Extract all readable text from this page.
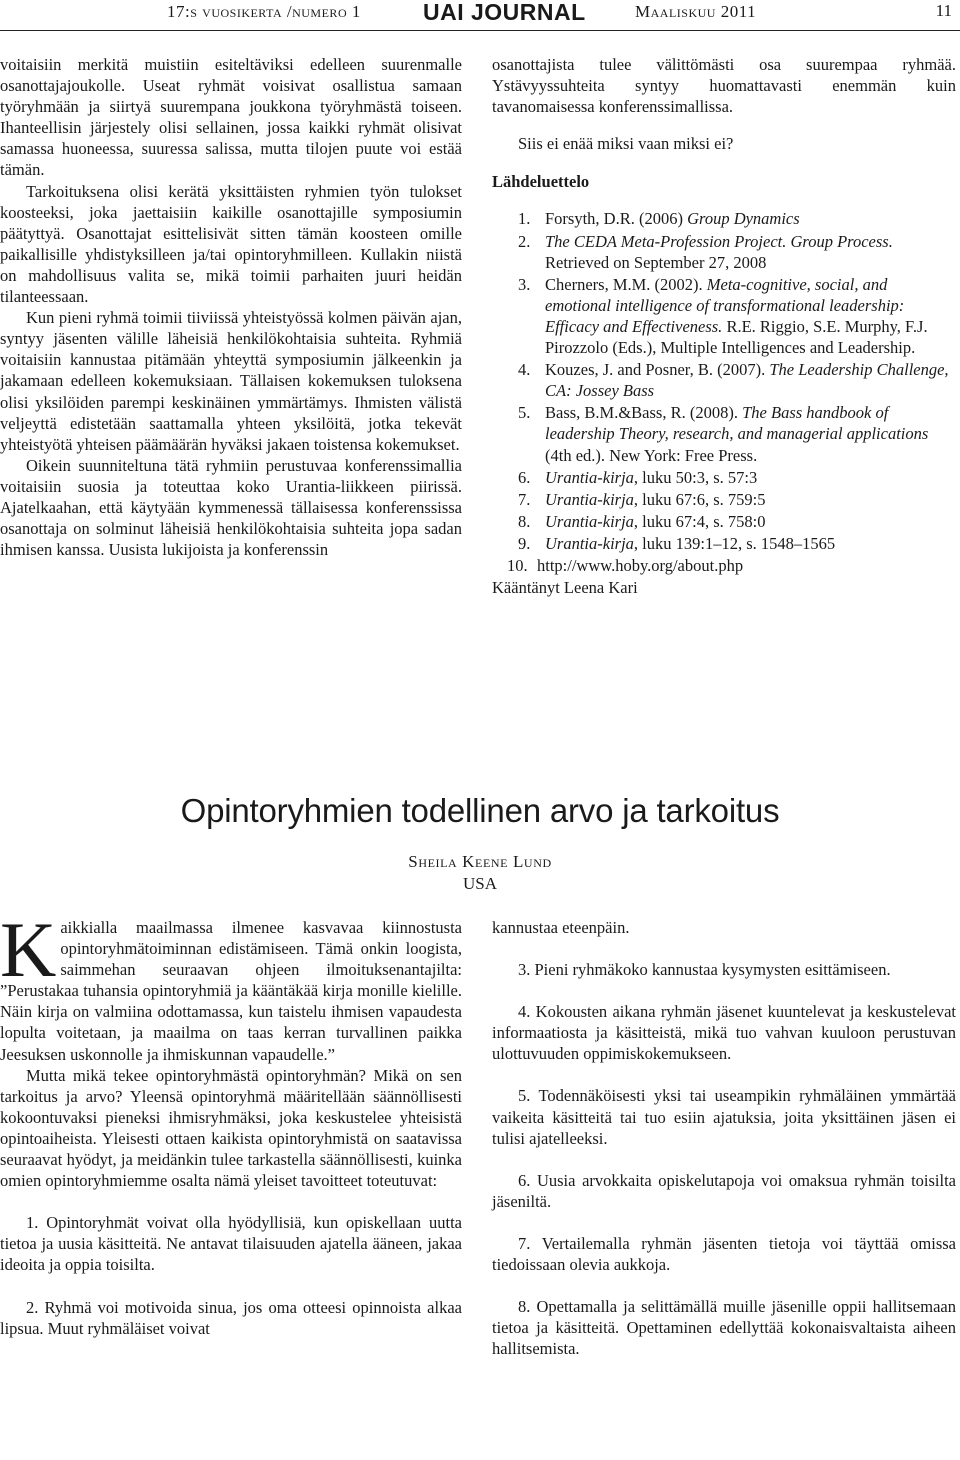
17:s vuosikerta /numero 1	UAI JOURNAL	Maaliskuu 2011	11

voitaisiin merkitä muistiin esiteltäviksi edelleen suurenmalle osanottajajoukolle. Useat ryhmät voisivat osallistua samaan työryhmään ja siirtyä suurempana joukkona työryhmästä toiseen. Ihanteellisin järjestely olisi sellainen, jossa kaikki ryhmät olisivat samassa huoneessa, suuressa salissa, mutta tilojen puute voi estää tämän.

Tarkoituksena olisi kerätä yksittäisten ryhmien työn tulokset koosteeksi, joka jaettaisiin kaikille osanottajille symposiumin päätyttyä. Osanottajat esittelisivät sitten tämän koosteen omille paikallisille yhdistyksilleen ja/tai opintoryhmilleen. Kullakin niistä on mahdollisuus valita se, mikä toimii parhaiten juuri heidän tilanteessaan.

Kun pieni ryhmä toimii tiiviissä yhteistyössä kolmen päivän ajan, syntyy jäsenten välille läheisiä henkilökohtaisia suhteita. Ryhmiä voitaisiin kannustaa pitämään yhteyttä symposiumin jälkeenkin ja jakamaan edelleen kokemuksiaan. Tällaisen kokemuksen tuloksena olisi yksilöiden parempi keskinäinen ymmärtämys. Ihmisten välistä veljeyttä edistetään saattamalla yhteen yksilöitä, jotka tekevät yhteistyötä yhteisen päämäärän hyväksi jakaen toistensa kokemukset.

Oikein suunniteltuna tätä ryhmiin perustuvaa konferenssimallia voitaisiin suosia ja toteuttaa koko Urantia-liikkeen piirissä. Ajatelkaahan, että käytyään kymmenessä tällaisessa konferenssissa osanottaja on solminut läheisiä henkilökohtaisia suhteita jopa sadan ihmisen kanssa. Uusista lukijoista ja konferenssin

osanottajista tulee välittömästi osa suurempaa ryhmää. Ystävyyssuhteita syntyy huomattavasti enemmän kuin tavanomaisessa konferenssimallissa.

Siis ei enää miksi vaan miksi ei?

Lähdeluettelo

1. Forsyth, D.R. (2006) Group Dynamics
2. The CEDA Meta-Profession Project. Group Process. Retrieved on September 27, 2008
3. Cherners, M.M. (2002). Meta-cognitive, social, and emotional intelligence of transformational leadership: Efficacy and Effectiveness. R.E. Riggio, S.E. Murphy, F.J. Pirozzolo (Eds.), Multiple Intelligences and Leadership.
4. Kouzes, J. and Posner, B. (2007). The Leadership Challenge, CA: Jossey Bass
5. Bass, B.M.&Bass, R. (2008). The Bass handbook of leadership Theory, research, and managerial applications (4th ed.). New York: Free Press.
6. Urantia-kirja, luku 50:3, s. 57:3
7. Urantia-kirja, luku 67:6, s. 759:5
8. Urantia-kirja, luku 67:4, s. 758:0
9. Urantia-kirja, luku 139:1–12, s. 1548–1565
10. http://www.hoby.org/about.php

Kääntänyt Leena Kari

Opintoryhmien todellinen arvo ja tarkoitus
Sheila Keene Lund
USA

Kaikkialla maailmassa ilmenee kasvavaa kiinnostusta opintoryhmätoiminnan edistämiseen. Tämä onkin loogista, saimmehan seuraavan ohjeen ilmoituksenantajilta: ”Perustakaa tuhansia opintoryhmiä ja kääntäkää kirja monille kielille. Näin kirja on valmiina odottamassa, kun taistelu ihmisen vapaudesta lopulta voitetaan, ja maailma on taas kerran turvallinen paikka Jeesuksen uskonnolle ja ihmiskunnan vapaudelle.”

Mutta mikä tekee opintoryhmästä opintoryhmän? Mikä on sen tarkoitus ja arvo? Yleensä opintoryhmä määritellään säännöllisesti kokoontuvaksi pieneksi ihmisryhmäksi, joka keskustelee yhteisistä opintoaiheista. Yleisesti ottaen kaikista opintoryhmistä on saatavissa seuraavat hyödyt, ja meidänkin tulee tarkastella säännöllisesti, kuinka omien opintoryhmiemme osalta nämä yleiset tavoitteet toteutuvat:

1. Opintoryhmät voivat olla hyödyllisiä, kun opiskellaan uutta tietoa ja uusia käsitteitä. Ne antavat tilaisuuden ajatella ääneen, jakaa ideoita ja oppia toisilta.

2. Ryhmä voi motivoida sinua, jos oma otteesi opinnoista alkaa lipsua. Muut ryhmäläiset voivat

kannustaa eteenpäin.

3. Pieni ryhmäkoko kannustaa kysymysten esittämiseen.

4. Kokousten aikana ryhmän jäsenet kuuntelevat ja keskustelevat informaatiosta ja käsitteistä, mikä tuo vahvan kuuloon perustuvan ulottuvuuden oppimiskokemukseen.

5. Todennäköisesti yksi tai useampikin ryhmäläinen ymmärtää vaikeita käsitteitä tai tuo esiin ajatuksia, joita yksittäinen jäsen ei tulisi ajatelleeksi.

6. Uusia arvokkaita opiskelutapoja voi omaksua ryhmän toisilta jäseniltä.

7. Vertailemalla ryhmän jäsenten tietoja voi täyttää omissa tiedoissaan olevia aukkoja.

8. Opettamalla ja selittämällä muille jäsenille oppii hallitsemaan tietoa ja käsitteitä. Opettaminen edellyttää kokonaisvaltaista aiheen hallitsemista.
